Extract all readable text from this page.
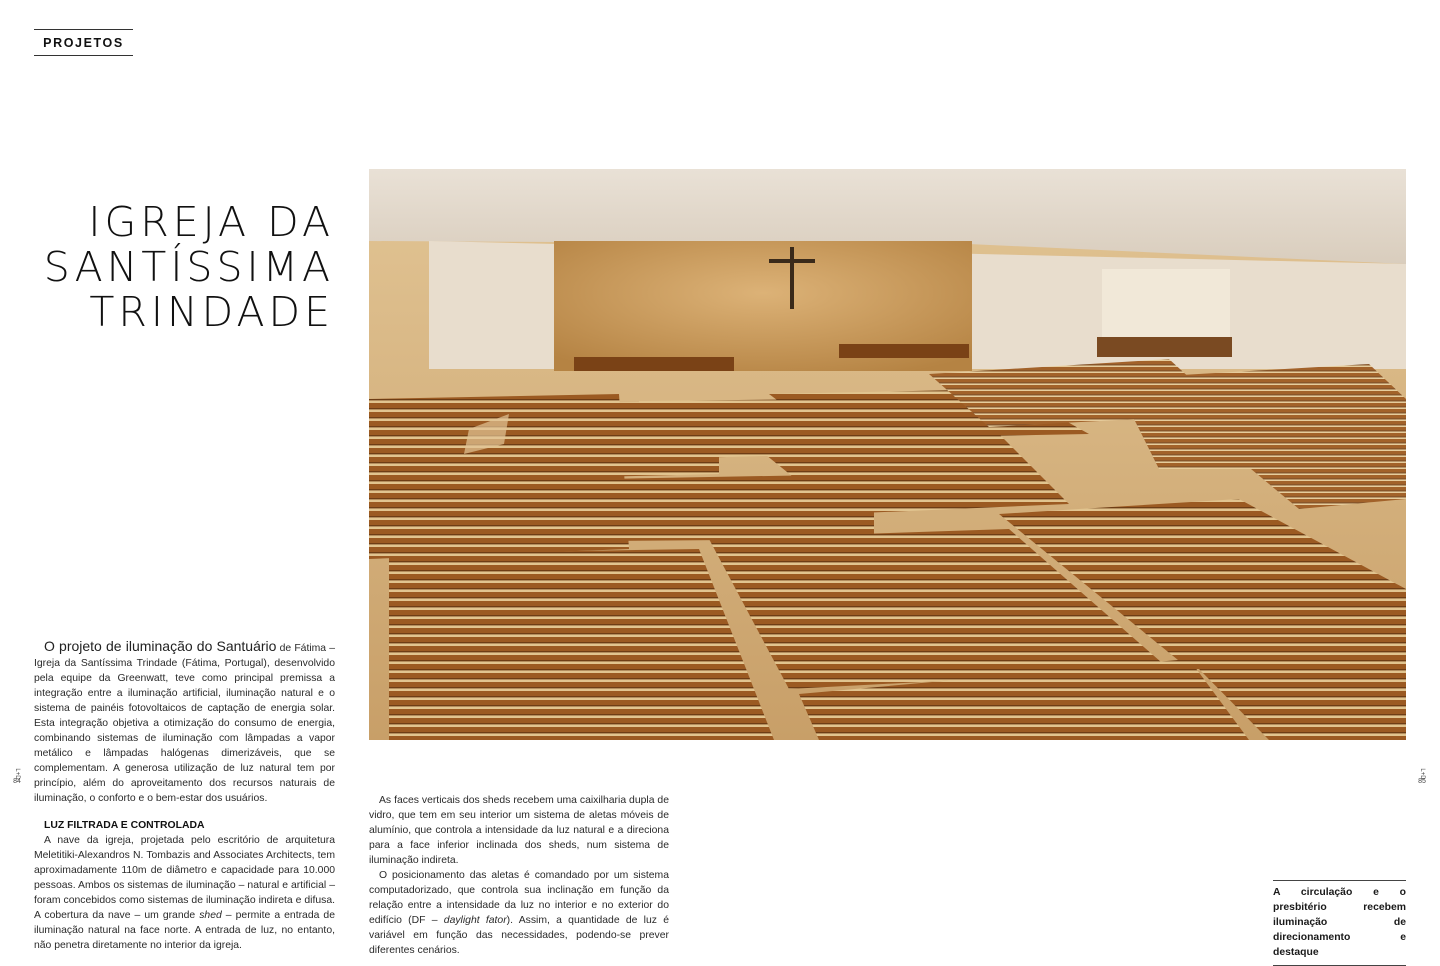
PROJETOS
IGREJA DA
SANTÍSSIMA
TRINDADE

O projeto de iluminação do Santuário de Fátima – Igreja da Santíssima Trindade (Fátima, Portugal), desenvolvido pela equipe da Greenwatt, teve como principal premissa a integração entre a iluminação artificial, iluminação natural e o sistema de painéis fotovoltaicos de captação de energia solar. Esta integração objetiva a otimização do consumo de energia, combinando sistemas de iluminação com lâmpadas a vapor metálico e lâmpadas halógenas dimerizáveis, que se complementam. A generosa utilização de luz natural tem por princípio, além do aproveitamento dos recursos naturais de iluminação, o conforto e o bem-estar dos usuários.

LUZ FILTRADA E CONTROLADA

A nave da igreja, projetada pelo escritório de arquitetura Meletitiki-Alexandros N. Tombazis and Associates Architects, tem aproximadamente 110m de diâmetro e capacidade para 10.000 pessoas. Ambos os sistemas de iluminação – natural e artificial – foram concebidos como sistemas de iluminação indireta e difusa. A cobertura da nave – um grande shed – permite a entrada de iluminação natural na face norte. A entrada de luz, no entanto, não penetra diretamente no interior da igreja.

As faces verticais dos sheds recebem uma caixilharia dupla de vidro, que tem em seu interior um sistema de aletas móveis de alumínio, que controla a intensidade da luz natural e a direciona para a face inferior inclinada dos sheds, num sistema de iluminação indireta.

O posicionamento das aletas é comandado por um sistema computadorizado, que controla sua inclinação em função da relação entre a intensidade da luz no interior e no exterior do edifício (DF – daylight fator). Assim, a quantidade de luz é variável em função das necessidades, podendo-se prever diferentes cenários.

L+D
84
L+D
85
A circulação e o presbitério recebem iluminação de direcionamento e destaque
